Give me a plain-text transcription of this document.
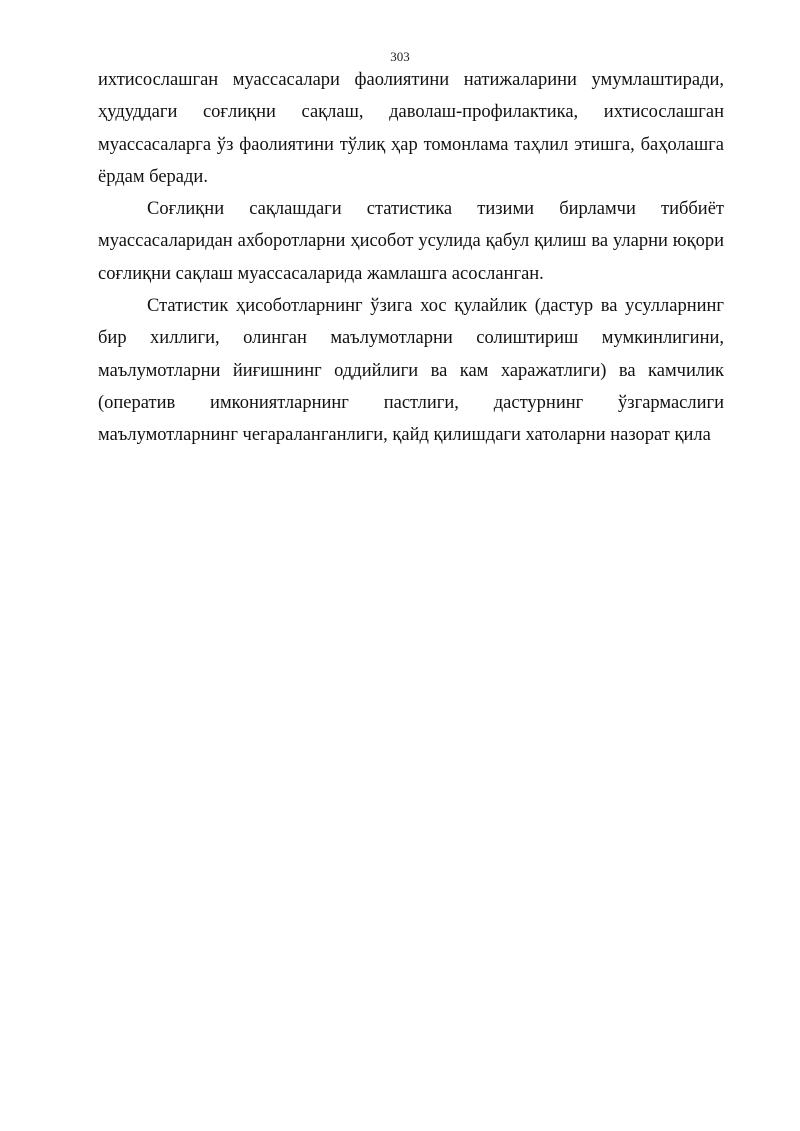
303

ихтисослашган муассасалари фаолиятини натижаларини умумлаштиради, ҳудуддаги соғлиқни сақлаш, даволаш-профилактика, ихтисослашган муассасаларга ўз фаолиятини тўлиқ ҳар томонлама таҳлил этишга, баҳолашга ёрдам беради.

Соғлиқни сақлашдаги статистика тизими бирламчи тиббиёт муассасаларидан ахборотларни ҳисобот усулида қабул қилиш ва уларни юқори соғлиқни сақлаш муассасаларида жамлашга асосланган.

Статистик ҳисоботларнинг ўзига хос қулайлик (дастур ва усулларнинг бир хиллиги, олинган маълумотларни солиштириш мумкинлигини, маълумотларни йиғишнинг оддийлиги ва кам харажатлиги) ва камчилик (оператив имкониятларнинг пастлиги, дастурнинг ўзгармаслиги маълумотларнинг чегараланганлиги, қайд қилишдаги хатоларни назорат қила
